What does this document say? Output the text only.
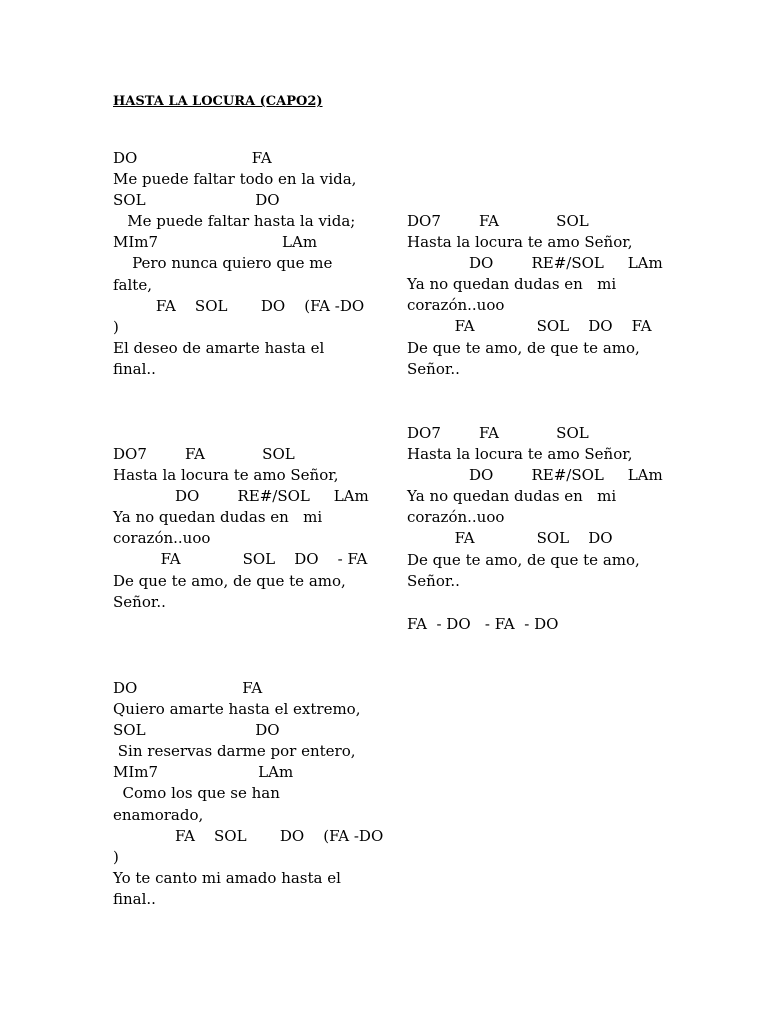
HASTA LA LOCURA (CAPO2)
DO                        FA
Me puede faltar todo en la vida,
SOL                       DO
Me puede faltar hasta la vida;
MIm7                          LAm
Pero nunca quiero que me
falte,
FA    SOL       DO    (FA -DO
)
El deseo de amarte hasta el
final..
DO7        FA            SOL
Hasta la locura te amo Señor,
DO        RE#/SOL     LAm
Ya no quedan dudas en   mi
corazón..uoo
FA             SOL    DO    - FA
De que te amo, de que te amo,
Señor..
DO                      FA
Quiero amarte hasta el extremo,
SOL                       DO
Sin reservas darme por entero,
MIm7                     LAm
Como los que se han
enamorado,
FA    SOL       DO    (FA -DO
)
Yo te canto mi amado hasta el
final..
DO7        FA            SOL
Hasta la locura te amo Señor,
DO        RE#/SOL     LAm
Ya no quedan dudas en   mi
corazón..uoo
FA             SOL    DO    FA
De que te amo, de que te amo,
Señor..
DO7        FA            SOL
Hasta la locura te amo Señor,
DO        RE#/SOL     LAm
Ya no quedan dudas en   mi
corazón..uoo
FA             SOL    DO
De que te amo, de que te amo,
Señor..
FA  - DO   - FA  - DO
